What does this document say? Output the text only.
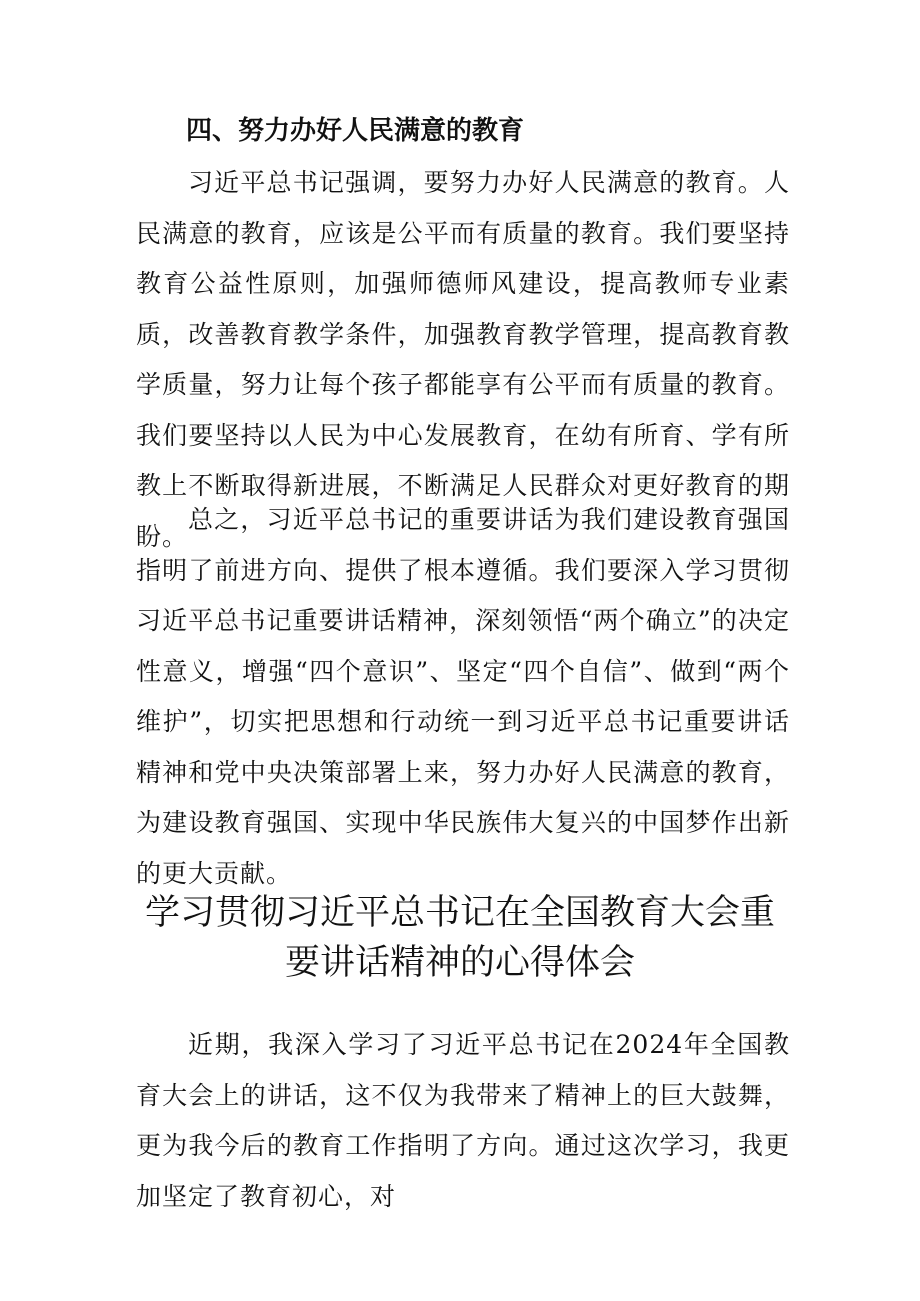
四、努力办好人民满意的教育

习近平总书记强调，要努力办好人民满意的教育。人民满意的教育，应该是公平而有质量的教育。我们要坚持教育公益性原则，加强师德师风建设，提高教师专业素质，改善教育教学条件，加强教育教学管理，提高教育教学质量，努力让每个孩子都能享有公平而有质量的教育。我们要坚持以人民为中心发展教育，在幼有所育、学有所教上不断取得新进展，不断满足人民群众对更好教育的期盼。

总之，习近平总书记的重要讲话为我们建设教育强国指明了前进方向、提供了根本遵循。我们要深入学习贯彻习近平总书记重要讲话精神，深刻领悟“两个确立”的决定性意义，增强“四个意识”、坚定“四个自信”、做到“两个维护”，切实把思想和行动统一到习近平总书记重要讲话精神和党中央决策部署上来，努力办好人民满意的教育，为建设教育强国、实现中华民族伟大复兴的中国梦作出新的更大贡献。

学习贯彻习近平总书记在全国教育大会重
要讲话精神的心得体会

近期，我深入学习了习近平总书记在2024年全国教育大会上的讲话，这不仅为我带来了精神上的巨大鼓舞，更为我今后的教育工作指明了方向。通过这次学习，我更加坚定了教育初心，对
